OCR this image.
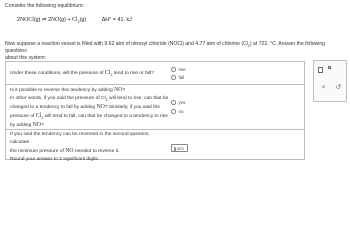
Consider the following equilibrium:
2NOCl(g) ⇌ $2NO(g) + Cl_2(g)$	ΔH° = 41. kJ
Now suppose a reaction vessel is filled with 9.62 atm of nitrosyl chloride (NOCl) and 4.77 atm of chlorine $(Cl_2)$ at 722. °C. Answer the following questions
about this system:
Under these conditions, will the pressure of $Cl_2$ tend to rise or fall?
rise
fall
Is it possible to reverse this tendency by adding NO?
In other words, if you said the pressure of $Cl_2$ will tend to rise, can that be
changed to a tendency to fall by adding NO? Similarly, if you said the
pressure of $Cl_2$ will tend to fall, can that be changed to a tendency to rise
by adding NO?
yes
no
If you said the tendency can be reversed in the second question, calculate
the minimum pressure of NO needed to reverse it.
Round your answer to 2 significant digits.
atm
×	↺
